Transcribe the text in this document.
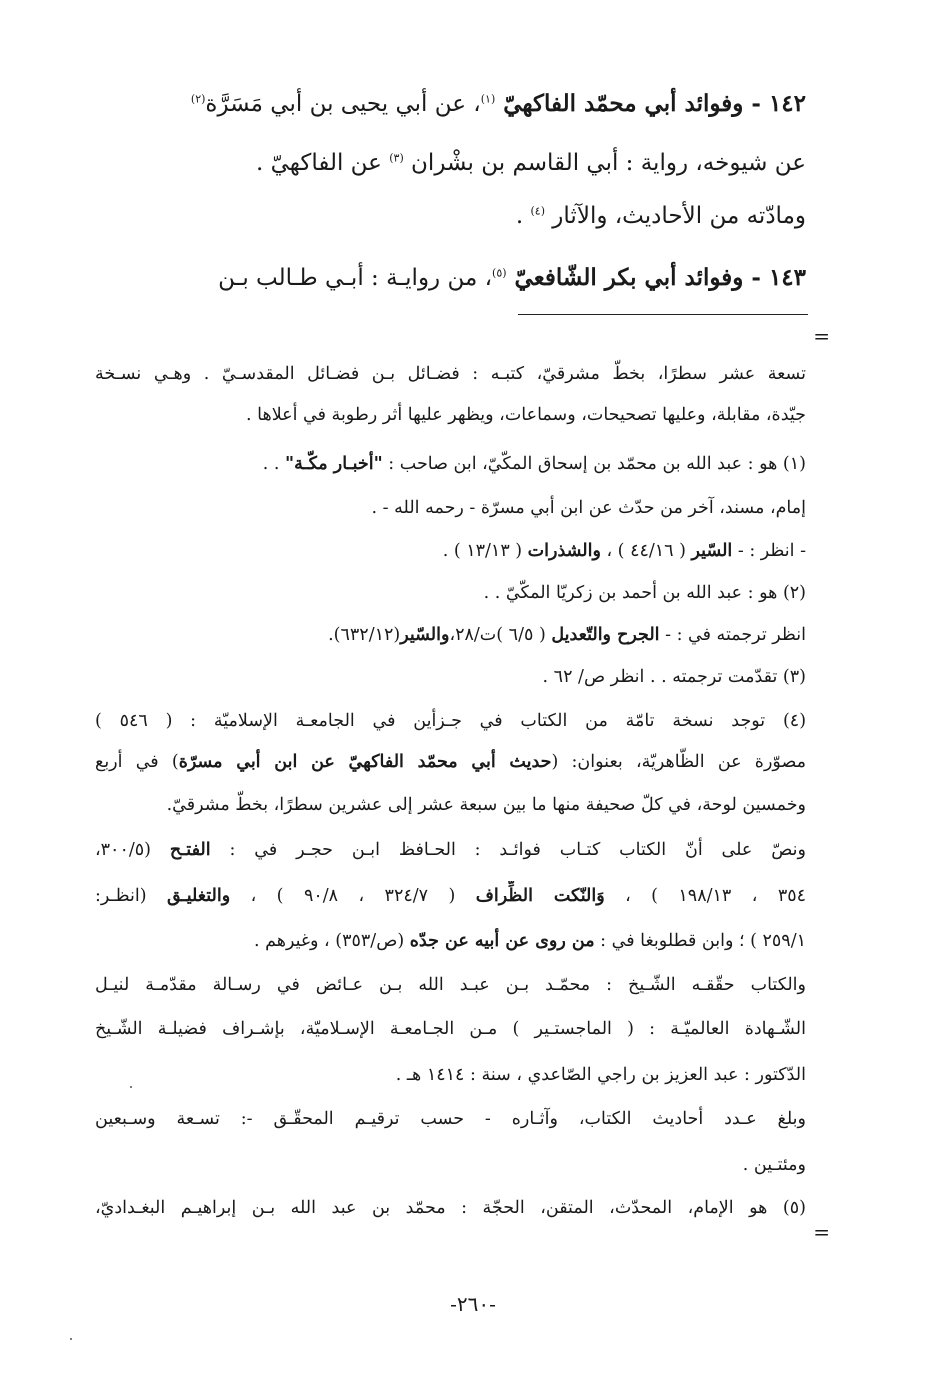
١٤٢ - وفوائد أبي محمّد الفاكهيّ $^{(١)}$، عن أبي يحيى بن أبي مَسَرَّة$^{(٢)}$
عن شيوخه، رواية : أبي القاسم بن بشْران $^{(٣)}$ عن الفاكهيّ .
ومادّته من الأحاديث، والآثار $^{(٤)}$ .
١٤٣ - وفوائد أبي بكر الشّافعيّ $^{(٥)}$، من روايـة : أبـي طـالب بـن
=
تسعة عشر سطرًا، بخطّ مشرقيّ، كتبـه : فضـائل بـن فضـائل المقدسـيّ . وهـي نسـخة
جيّدة، مقابلة، وعليها تصحيحات، وسماعات، ويظهر عليها أثر رطوبة في أعلاها .
(١) هو : عبد الله بن محمّد بن إسحاق المكّيّ، ابن صاحب : "أخبـار مكّـة" . .
إمام، مسند، آخر من حدّث عن ابن أبي مسرّة - رحمه الله - .
- انظر : - السّير ( ٤٤/١٦ ) ، والشذرات ( ١٣/١٣ ) .
(٢) هو : عبد الله بن أحمد بن زكريّا المكّيّ . .
انظر ترجمته في : - الجرح والتّعديل ( ٦/٥ )ت/٢٨،والسّير(٦٣٢/١٢).
(٣) تقدّمت ترجمته . . انظر ص/ ٦٢ .
(٤) توجد نسخة تامّة من الكتاب في جـزأين في الجامعـة الإسلاميّة : ( ٥٤٦ )
مصوّرة عن الظّاهريّة، بعنوان: (حديث أبي محمّد الفاكهيّ عن ابن أبي مسرّة) في أربع
وخمسين لوحة، في كلّ صحيفة منها ما بين سبعة عشر إلى عشرين سطرًا، بخطّ مشرقيّ.
ونصّ على أنّ الكتاب كتـاب فوائـد : الحـافظ ابـن حجـر في : الفتـح (٣٠٠/٥،
٣٥٤ ، ١٩٨/١٣ ) ، وَالنّكت الظِّراف ( ٣٢٤/٧ ، ٩٠/٨ ) ، والتغليـق (انظـر:
٢٥٩/١ ) ؛ وابن قطلوبغا في : من روى عن أبيه عن جدّه (ص/٣٥٣) ، وغيرهم .
والكتاب حقّقـه الشّـيخ : محمّـد بـن عبـد الله بـن عـائض في رسـالة مقدّمـة لنيـل
الشّـهادة العالميّـة : ( الماجستـير ) مـن الجـامعـة الإسـلاميّة، بإشـراف فضيلـة الشّـيخ
الدّكتور : عبد العزيز بن راجي الصّاعدي ، سنة : ١٤١٤ هـ .
وبلغ عـدد أحاديث الكتاب، وآثـاره - حسب ترقيـم المحقّـق -: تسـعة وسـبعين
ومئتـين .
(٥) هو الإمام، المحدّث، المتقن، الحجّة : محمّد بن عبد الله بـن إبراهيـم البغـداديّ،
=
-٢٦٠-
